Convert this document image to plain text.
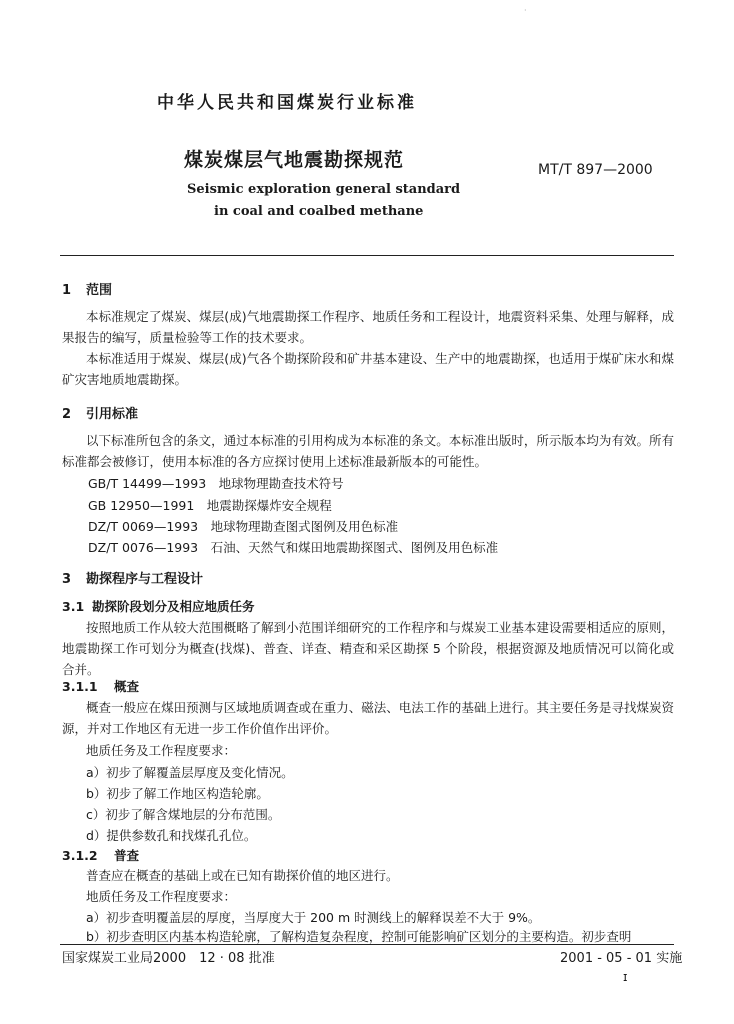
·
中华人民共和国煤炭行业标准
煤炭煤层气地震勘探规范	MT/T 897—2000
Seismic exploration general standard
in coal and coalbed methane
1 范围
本标准规定了煤炭、煤层(成)气地震勘探工作程序、地质任务和工程设计，地震资料采集、处理与解释，成果报告的编写，质量检验等工作的技术要求。
本标准适用于煤炭、煤层(成)气各个勘探阶段和矿井基本建设、生产中的地震勘探，也适用于煤矿床水和煤矿灾害地质地震勘探。
2 引用标准
以下标准所包含的条文，通过本标准的引用构成为本标准的条文。本标准出版时，所示版本均为有效。所有标准都会被修订，使用本标准的各方应探讨使用上述标准最新版本的可能性。
GB/T 14499—1993　地球物理勘查技术符号
GB 12950—1991　地震勘探爆炸安全规程
DZ/T 0069—1993　地球物理勘查图式图例及用色标准
DZ/T 0076—1993　石油、天然气和煤田地震勘探图式、图例及用色标准
3 勘探程序与工程设计
3.1 勘探阶段划分及相应地质任务
按照地质工作从较大范围概略了解到小范围详细研究的工作程序和与煤炭工业基本建设需要相适应的原则，地震勘探工作可划分为概查(找煤)、普查、详查、精查和采区勘探 5 个阶段，根据资源及地质情况可以简化或合并。
3.1.1 概查
概查一般应在煤田预测与区域地质调查或在重力、磁法、电法工作的基础上进行。其主要任务是寻找煤炭资源，并对工作地区有无进一步工作价值作出评价。
地质任务及工作程度要求：
a）初步了解覆盖层厚度及变化情况。
b）初步了解工作地区构造轮廓。
c）初步了解含煤地层的分布范围。
d）提供参数孔和找煤孔孔位。
3.1.2 普查
普查应在概查的基础上或在已知有勘探价值的地区进行。
地质任务及工作程度要求：
a）初步查明覆盖层的厚度，当厚度大于 200 m 时测线上的解释误差不大于 9%。
b）初步查明区内基本构造轮廓，了解构造复杂程度，控制可能影响矿区划分的主要构造。初步查明
国家煤炭工业局2000　12 · 08 批准	2001 - 05 - 01 实施
ɪ
